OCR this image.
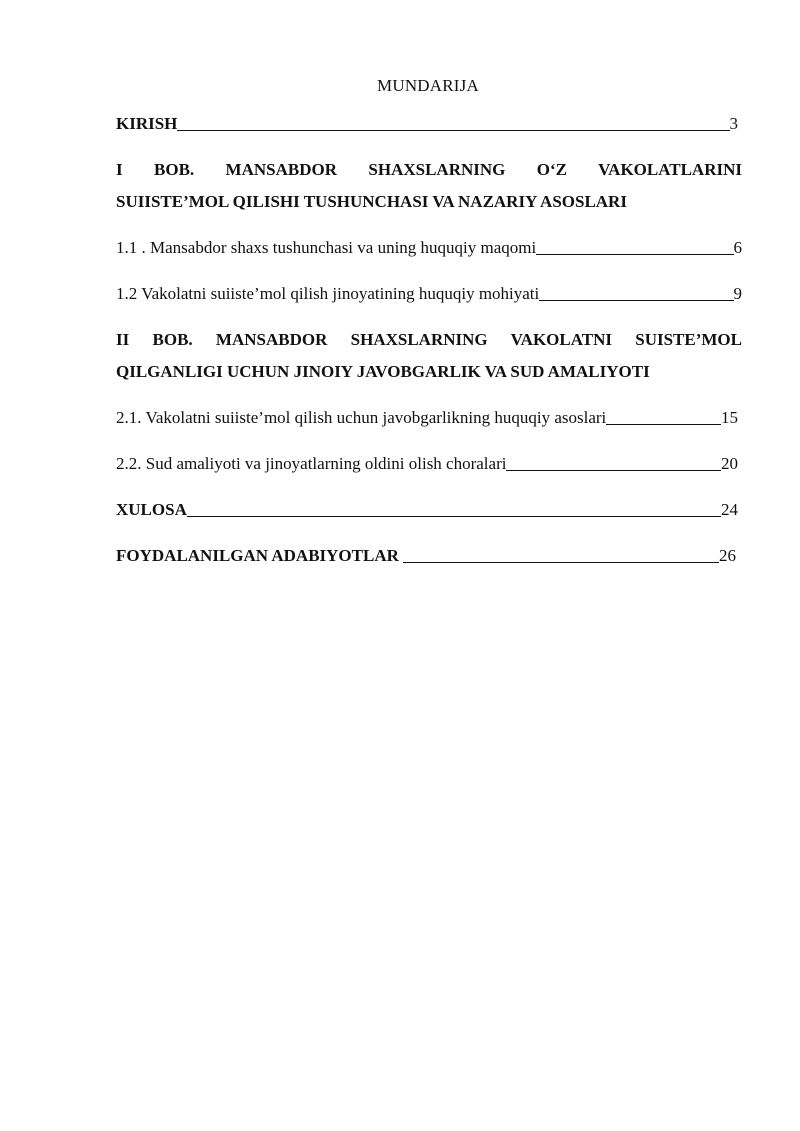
MUNDARIJA
KIRISH	3
I BOB. MANSABDOR SHAXSLARNING O‘Z VAKOLATLARINI
SUIISTE’MOL QILISHI TUSHUNCHASI VA NAZARIY ASOSLARI
1.1 . Mansabdor shaxs tushunchasi va uning huquqiy maqomi	6
1.2 Vakolatni suiiste’mol qilish jinoyatining huquqiy mohiyati	9
II BOB. MANSABDOR SHAXSLARNING VAKOLATNI SUISTE’MOL
QILGANLIGI UCHUN JINOIY JAVOBGARLIK VA SUD AMALIYOTI
2.1. Vakolatni suiiste’mol qilish uchun javobgarlikning huquqiy asoslari	15
2.2. Sud amaliyoti va jinoyatlarning oldini olish choralari	20
XULOSA	24
FOYDALANILGAN ADABIYOTLAR	26
